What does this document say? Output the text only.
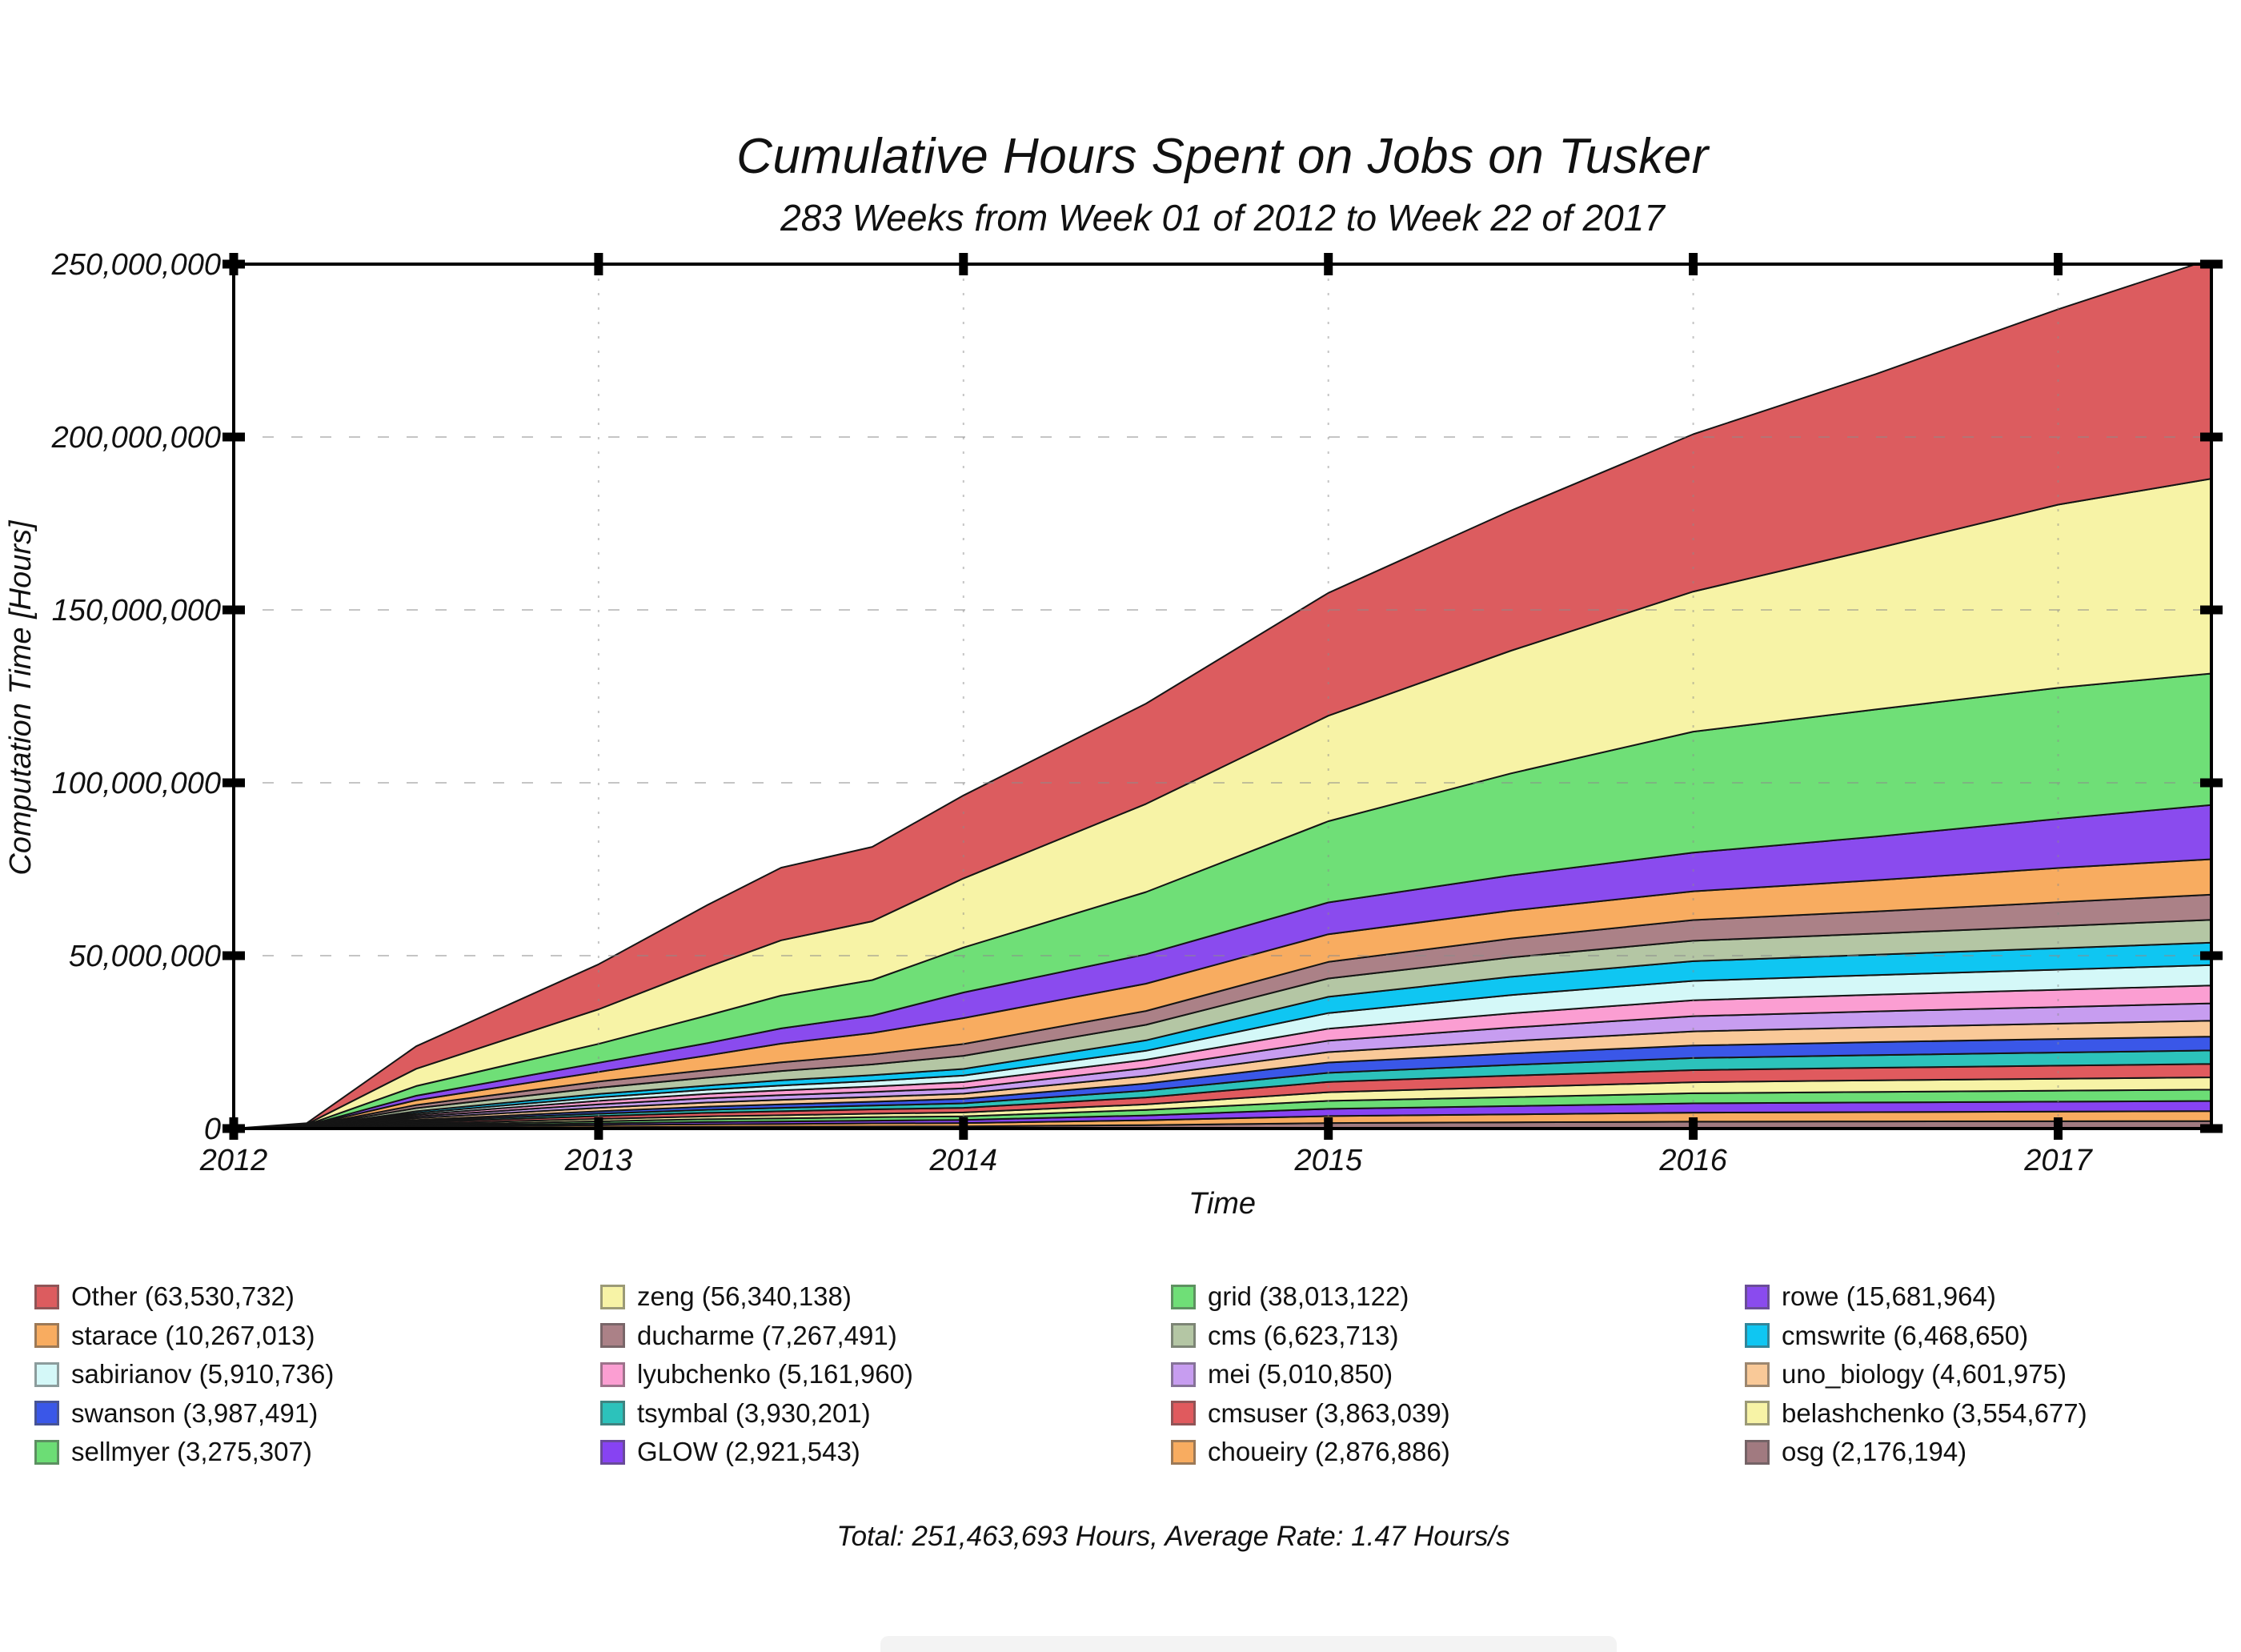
Cumulative Hours Spent on Jobs on Tusker
283 Weeks from Week 01 of 2012 to Week 22 of 2017
2012	2013	2014	2015	2016	2017
0
50,000,000
100,000,000
150,000,000
200,000,000
250,000,000
Time
Computation Time [Hours]
Other (63,530,732)	zeng (56,340,138)	grid (38,013,122)	rowe (15,681,964)
starace (10,267,013)	ducharme (7,267,491)	cms (6,623,713)	cmswrite (6,468,650)
sabirianov (5,910,736)	lyubchenko (5,161,960)	mei (5,010,850)	uno_biology (4,601,975)
swanson (3,987,491)	tsymbal (3,930,201)	cmsuser (3,863,039)	belashchenko (3,554,677)
sellmyer (3,275,307)	GLOW (2,921,543)	choueiry (2,876,886)	osg (2,176,194)
Total: 251,463,693 Hours, Average Rate: 1.47 Hours/s
